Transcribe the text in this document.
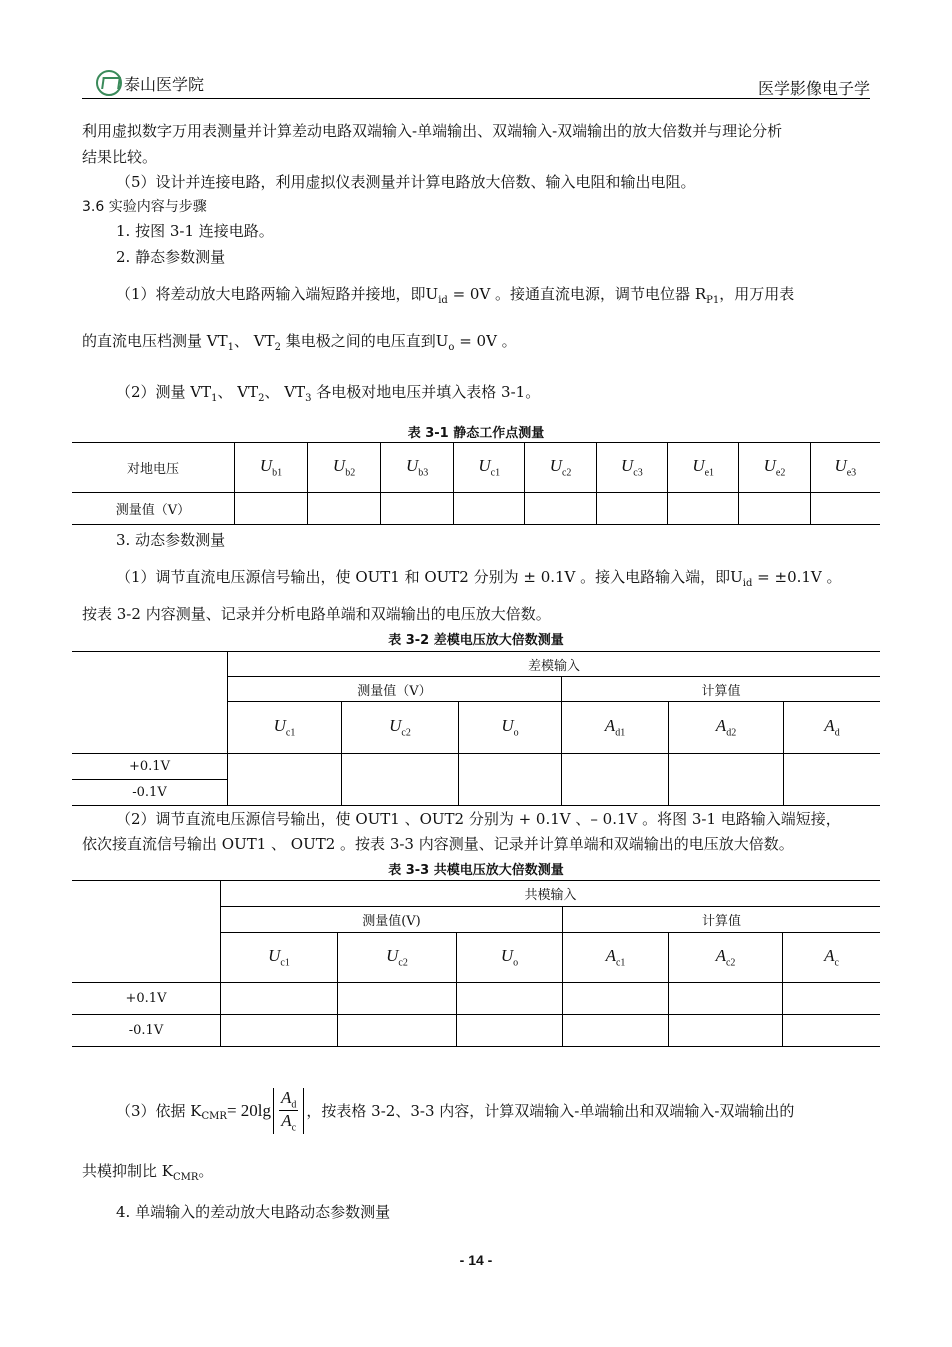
泰山医学院	医学影像电子学

利用虚拟数字万用表测量并计算差动电路双端输入-单端输出、双端输入-双端输出的放大倍数并与理论分析

结果比较。

（5）设计并连接电路，利用虚拟仪表测量并计算电路放大倍数、输入电阻和输出电阻。

3.6 实验内容与步骤

1. 按图 3-1 连接电路。

2. 静态参数测量

（1）将差动放大电路两输入端短路并接地，即$U_{id} = 0V$ 。接通直流电源，调节电位器 $R_{P1}$，用万用表

的直流电压档测量 $VT_1$、 $VT_2$ 集电极之间的电压直到$U_o = 0V$ 。

（2）测量 $VT_1$、 $VT_2$、 $VT_3$ 各电极对地电压并填入表格 3-1。

表 3-1 静态工作点测量
对地电压	$U_{b1}$	$U_{b2}$	$U_{b3}$	$U_{c1}$	$U_{c2}$	$U_{c3}$	$U_{e1}$	$U_{e2}$	$U_{e3}$
测量值（V）									

3. 动态参数测量

（1）调节直流电压源信号输出，使 OUT1 和 OUT2 分别为 ± 0.1V 。接入电路输入端，即$U_{id} = \pm 0.1V$ 。

按表 3-2 内容测量、记录并分析电路单端和双端输出的电压放大倍数。

表 3-2 差模电压放大倍数测量
	差模输入					
	测量值（V）			计算值		
	$U_{c1}$	$U_{c2}$	$U_o$	$A_{d1}$	$A_{d2}$	$A_d$
+0.1V						
-0.1V						

（2）调节直流电压源信号输出，使 OUT1 、OUT2 分别为 + 0.1V 、– 0.1V 。将图 3-1 电路输入端短接，

依次接直流信号输出 OUT1 、 OUT2 。按表 3-3 内容测量、记录并计算单端和双端输出的电压放大倍数。

表 3-3 共模电压放大倍数测量
	共模输入					
	测量值(V)			计算值		
	$U_{c1}$	$U_{c2}$	$U_o$	$A_{c1}$	$A_{c2}$	$A_c$
+0.1V						
-0.1V						
（3）依据 $K_{CMR} = 20\lg \frac{A_d}{A_c}$ ，按表格 3-2、3-3 内容，计算双端输入-单端输出和双端输入-双端输出的

共模抑制比 $K_{CMR}$。

4. 单端输入的差动放大电路动态参数测量

- 14 -
